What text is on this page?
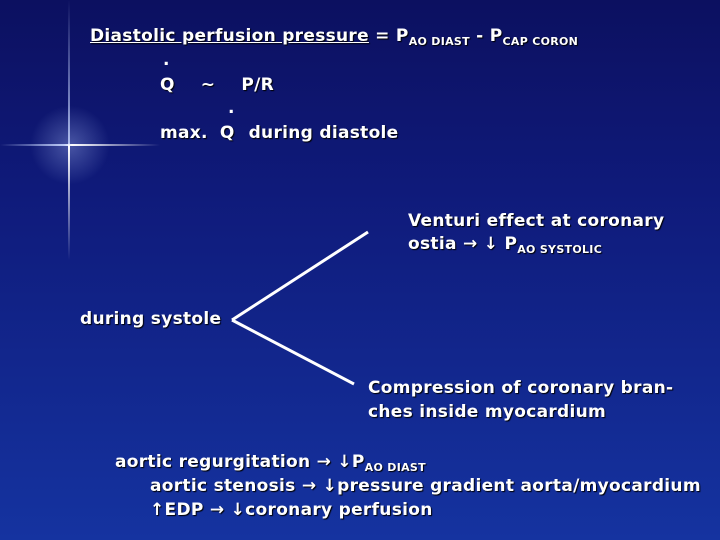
Diastolic perfusion pressure = $P_{AO DIAST} - P_{CAP CORON}$
.
Q ~ P/R
.
max. Q during diastole
Venturi effect at coronary
ostia → ↓ $P_{AO SYSTOLIC}$
during systole
Compression of coronary bran-
ches inside myocardium
aortic regurgitation → $↓P_{AO DIAST}$
aortic stenosis → ↓pressure gradient aorta/myocardium
↑EDP → ↓coronary perfusion
